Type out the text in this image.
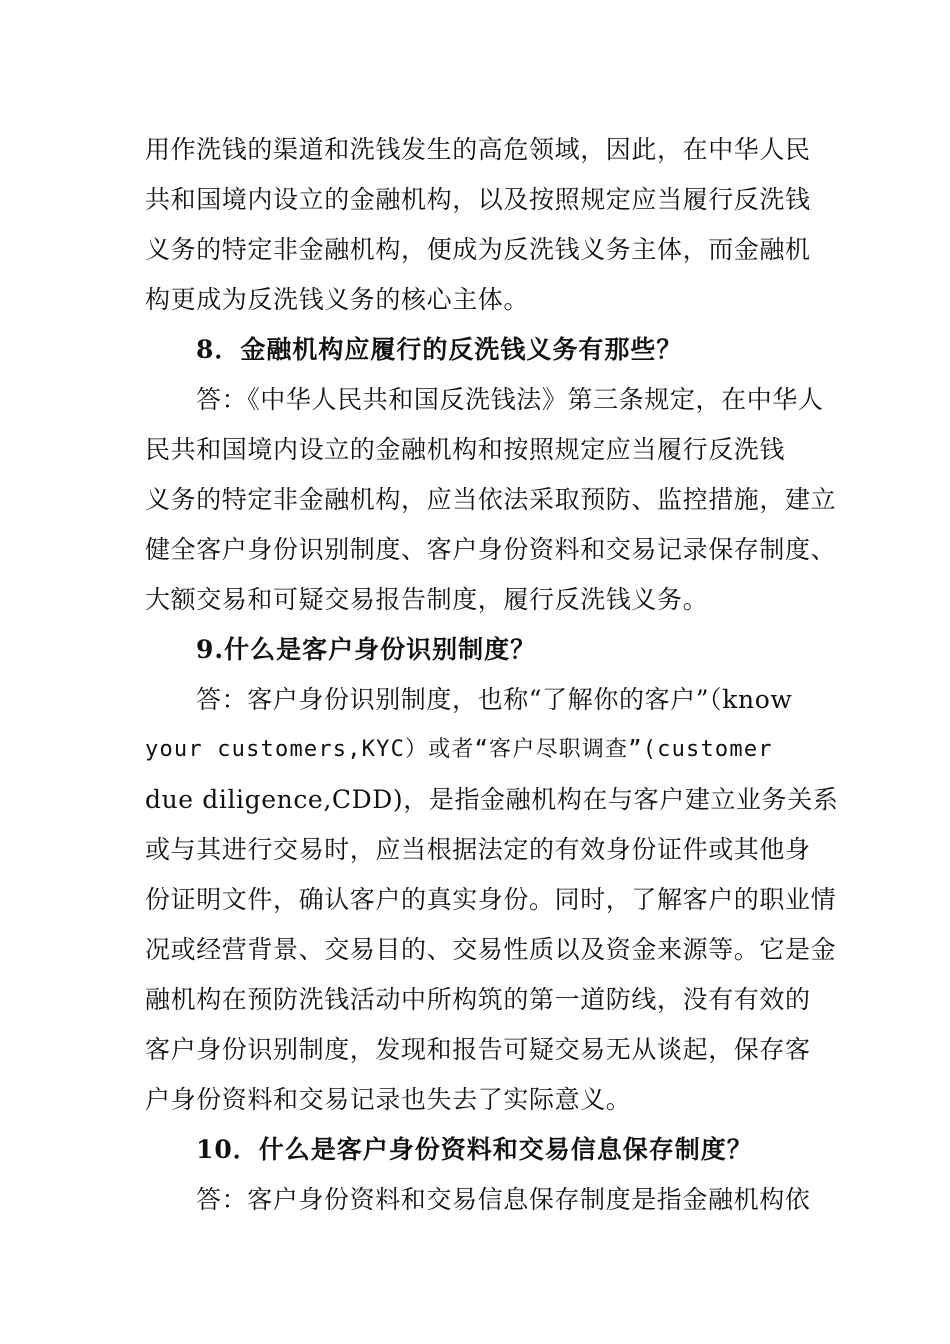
用作洗钱的渠道和洗钱发生的高危领域，因此，在中华人民
共和国境内设立的金融机构，以及按照规定应当履行反洗钱
义务的特定非金融机构，便成为反洗钱义务主体，而金融机
构更成为反洗钱义务的核心主体。
8．金融机构应履行的反洗钱义务有那些？
答：《中华人民共和国反洗钱法》第三条规定，在中华人
民共和国境内设立的金融机构和按照规定应当履行反洗钱
义务的特定非金融机构，应当依法采取预防、监控措施，建立
健全客户身份识别制度、客户身份资料和交易记录保存制度、
大额交易和可疑交易报告制度，履行反洗钱义务。
9.什么是客户身份识别制度？
答：客户身份识别制度，也称“了解你的客户”（know
your customers,KYC）或者“客户尽职调查”(customer
due diligence,CDD)，是指金融机构在与客户建立业务关系
或与其进行交易时，应当根据法定的有效身份证件或其他身
份证明文件，确认客户的真实身份。同时，了解客户的职业情
况或经营背景、交易目的、交易性质以及资金来源等。它是金
融机构在预防洗钱活动中所构筑的第一道防线，没有有效的
客户身份识别制度，发现和报告可疑交易无从谈起，保存客
户身份资料和交易记录也失去了实际意义。
10．什么是客户身份资料和交易信息保存制度？
答：客户身份资料和交易信息保存制度是指金融机构依
